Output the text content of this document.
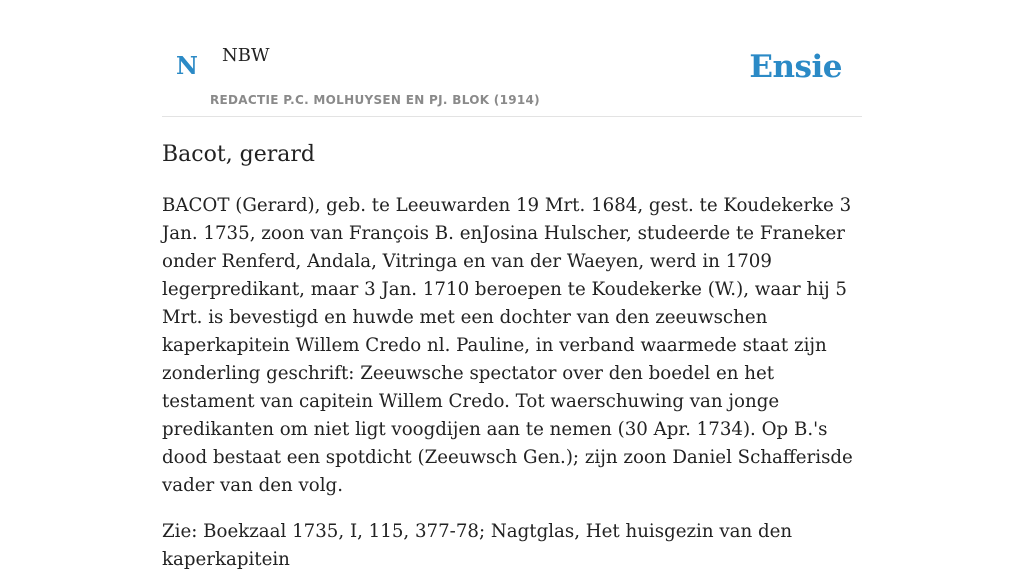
N NBW
REDACTIE P.C. MOLHUYSEN EN PJ. BLOK (1914)
Ensie
Bacot, gerard

BACOT (Gerard), geb. te Leeuwarden 19 Mrt. 1684, gest. te Koudekerke 3 Jan. 1735, zoon van François B. enJosina Hulscher, studeerde te Franeker onder Renferd, Andala, Vitringa en van der Waeyen, werd in 1709 legerpredikant, maar 3 Jan. 1710 beroepen te Koudekerke (W.), waar hij 5 Mrt. is bevestigd en huwde met een dochter van den zeeuwschen kaperkapitein Willem Credo nl. Pauline, in verband waarmede staat zijn zonderling geschrift: Zeeuwsche spectator over den boedel en het testament van capitein Willem Credo. Tot waerschuwing van jonge predikanten om niet ligt voogdijen aan te nemen (30 Apr. 1734). Op B.'s dood bestaat een spotdicht (Zeeuwsch Gen.); zijn zoon Daniel Schafferisde vader van den volg.

Zie: Boekzaal 1735, I, 115, 377-78; Nagtglas, Het huisgezin van den kaperkapitein
